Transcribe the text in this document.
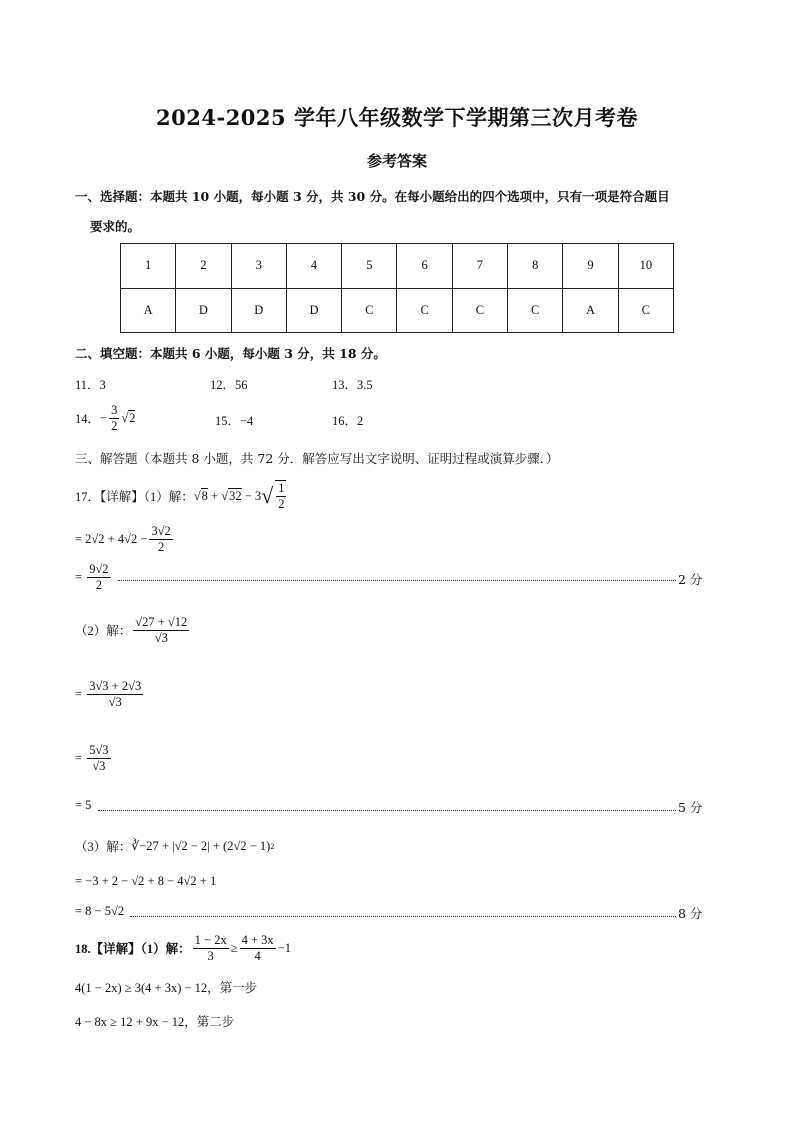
2024-2025 学年八年级数学下学期第三次月考卷
参考答案
一、选择题：本题共 10 小题，每小题 3 分，共 30 分。在每小题给出的四个选项中，只有一项是符合题目
要求的。
1	2	3	4	5	6	7	8	9	10
A	D	D	D	C	C	C	C	A	C
二、填空题：本题共 6 小题，每小题 3 分，共 18 分。
11．3	12．56	13．3.5
14． − $\frac{3}{2}$ √ 2	15．−4	16．2
三、解答题（本题共 8 小题，共 72 分．解答应写出文字说明、证明过程或演算步骤．）
17．【详解】（1）解： √ 8 + √ 32 − 3 √ $\frac{1}{2}$
= $2√2 + 4√2 - \frac{3√2}{2}$
= $\frac{9√2}{2}$	2 分
（2）解： $\frac{√27 + √12}{√3}$
= $\frac{3√3 + 2√3}{√3}$
= $\frac{5√3}{√3}$
= 5	5 分
（3）解： ∛−27 + |√2 − 2| + (2√2 − 1) 2
= −3 + 2 − √2 + 8 − 4√2 + 1
= 8 − 5√2	8 分
18.【详解】（1）解： $\frac{1 - 2x}{3} \ge \frac{4 + 3x}{4} -1$
4(1 − 2x) ≥ 3(4 + 3x) − 12，第一步
4 − 8x ≥ 12 + 9x − 12，第二步
